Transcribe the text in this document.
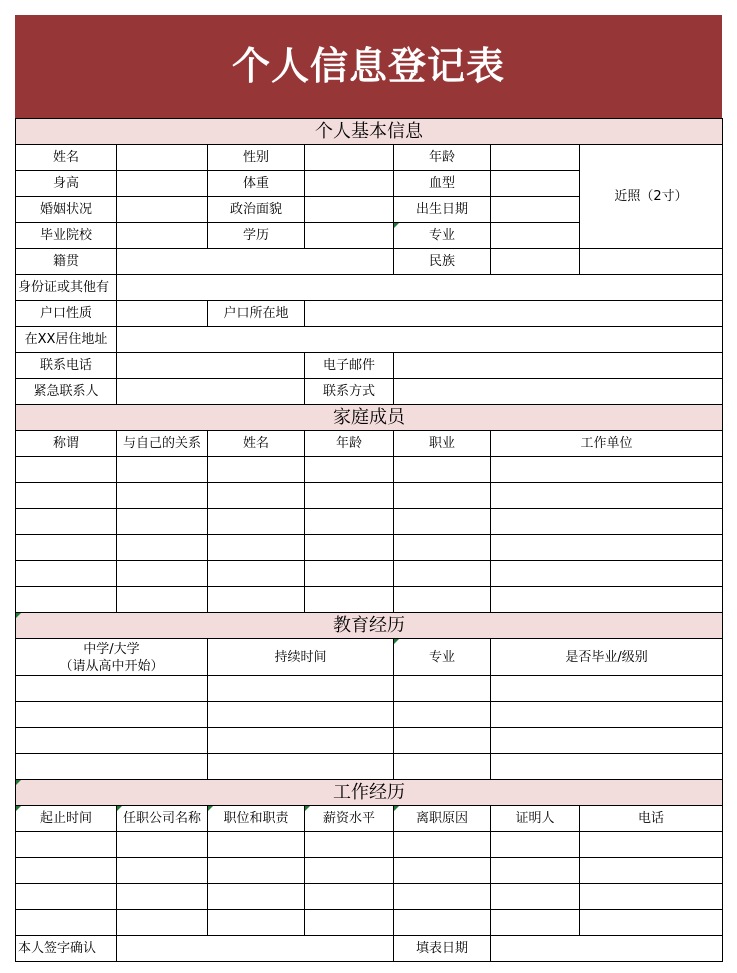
个人信息登记表
个人基本信息						
姓名		性别		年龄		近照（2寸）
身高		体重		血型		
婚姻状况		政治面貌		出生日期		
毕业院校		学历		专业		
籍贯				民族		
身份证或其他有						
户口性质		户口所在地				
在XX居住地址						
联系电话			电子邮件			
紧急联系人			联系方式			
家庭成员						
称谓	与自己的关系	姓名	年龄	职业	工作单位	

教育经历						
中学/大学
（请从高中开始）		持续时间		专业	是否毕业/级别	

工作经历						
起止时间	任职公司名称	职位和职责	薪资水平	离职原因	证明人	电话

本人签字确认				填表日期		
